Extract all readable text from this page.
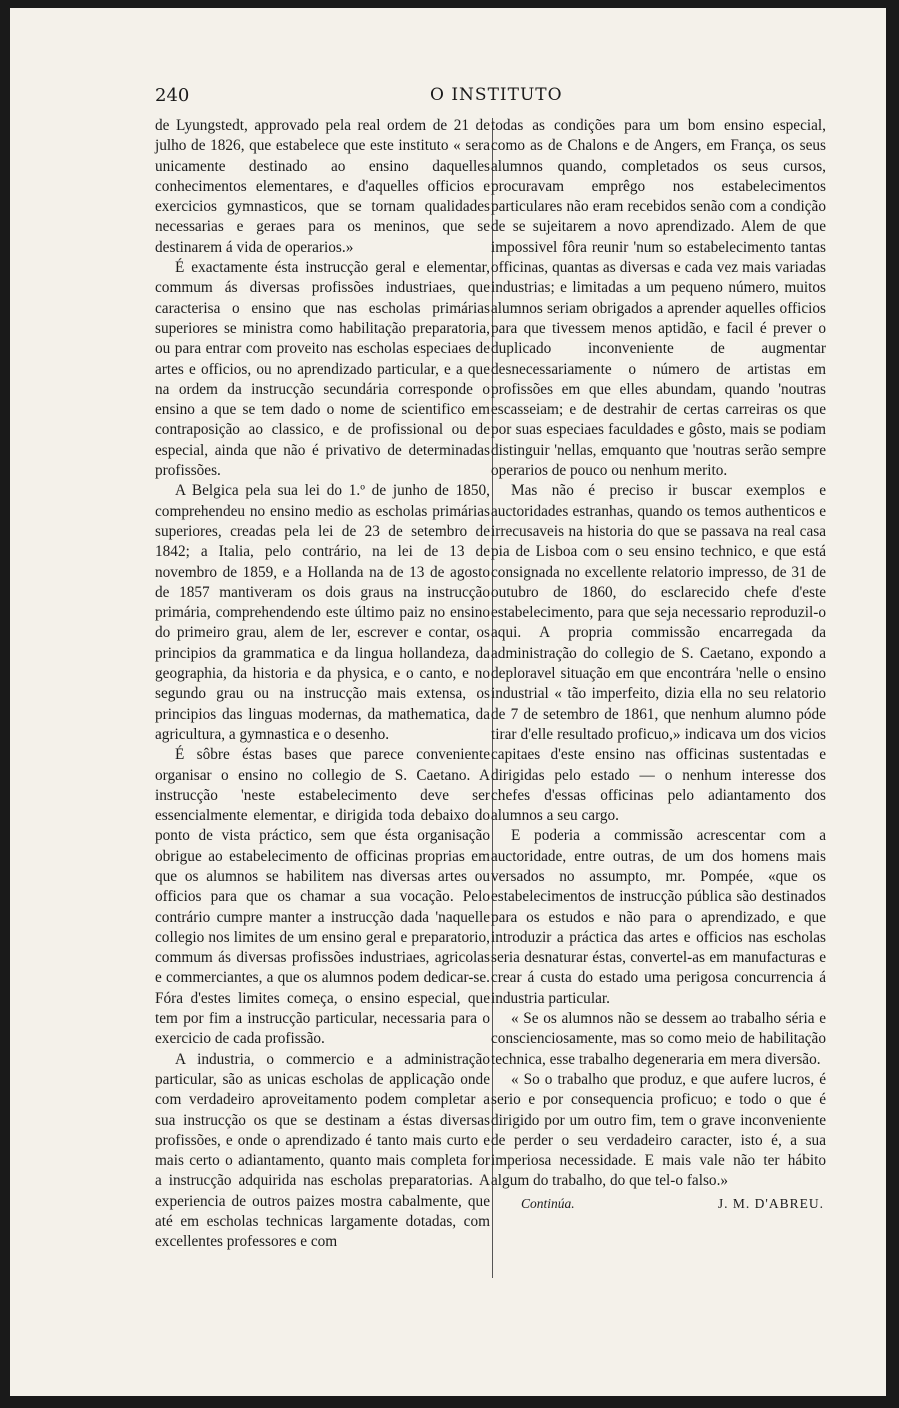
240	O INSTITUTO

de Lyungstedt, approvado pela real ordem de 21 de julho de 1826, que estabelece que este instituto « sera unicamente destinado ao ensino daquelles conhecimentos elementares, e d'aquelles officios e exercicios gymnasticos, que se tornam qualidades necessarias e geraes para os meninos, que se destinarem á vida de operarios.»

É exactamente ésta instrucção geral e elementar, commum ás diversas profissões industriaes, que caracterisa o ensino que nas escholas primárias superiores se ministra como habilitação preparatoria, ou para entrar com proveito nas escholas especiaes de artes e officios, ou no aprendizado particular, e a que na ordem da instrucção secundária corresponde o ensino a que se tem dado o nome de scientifico em contraposição ao classico, e de profissional ou de especial, ainda que não é privativo de determinadas profissões.

A Belgica pela sua lei do 1.º de junho de 1850, comprehendeu no ensino medio as escholas primárias superiores, creadas pela lei de 23 de setembro de 1842; a Italia, pelo contrário, na lei de 13 de novembro de 1859, e a Hollanda na de 13 de agosto de 1857 mantiveram os dois graus na instrucção primária, comprehendendo este último paiz no ensino do primeiro grau, alem de ler, escrever e contar, os principios da grammatica e da lingua hollandeza, da geographia, da historia e da physica, e o canto, e no segundo grau ou na instrucção mais extensa, os principios das linguas modernas, da mathematica, da agricultura, a gymnastica e o desenho.

É sôbre éstas bases que parece conveniente organisar o ensino no collegio de S. Caetano. A instrucção 'neste estabelecimento deve ser essencialmente elementar, e dirigida toda debaixo do ponto de vista práctico, sem que ésta organisação obrigue ao estabelecimento de officinas proprias em que os alumnos se habilitem nas diversas artes ou officios para que os chamar a sua vocação. Pelo contrário cumpre manter a instrucção dada 'naquelle collegio nos limites de um ensino geral e preparatorio, commum ás diversas profissões industriaes, agricolas e commerciantes, a que os alumnos podem dedicar-se. Fóra d'estes limites começa, o ensino especial, que tem por fim a instrucção particular, necessaria para o exercicio de cada profissão.

A industria, o commercio e a administração particular, são as unicas escholas de applicação onde com verdadeiro aproveitamento podem completar a sua instrucção os que se destinam a éstas diversas profissões, e onde o aprendizado é tanto mais curto e mais certo o adiantamento, quanto mais completa for a instrucção adquirida nas escholas preparatorias. A experiencia de outros paizes mostra cabalmente, que até em escholas technicas largamente dotadas, com excellentes professores e com

todas as condições para um bom ensino especial, como as de Chalons e de Angers, em França, os seus alumnos quando, completados os seus cursos, procuravam emprêgo nos estabelecimentos particulares não eram recebidos senão com a condição de se sujeitarem a novo aprendizado. Alem de que impossivel fôra reunir 'num so estabelecimento tantas officinas, quantas as diversas e cada vez mais variadas industrias; e limitadas a um pequeno número, muitos alumnos seriam obrigados a aprender aquelles officios para que tivessem menos aptidão, e facil é prever o duplicado inconveniente de augmentar desnecessariamente o número de artistas em profissões em que elles abundam, quando 'noutras escasseiam; e de destrahir de certas carreiras os que por suas especiaes faculdades e gôsto, mais se podiam distinguir 'nellas, emquanto que 'noutras serão sempre operarios de pouco ou nenhum merito.

Mas não é preciso ir buscar exemplos e auctoridades estranhas, quando os temos authenticos e irrecusaveis na historia do que se passava na real casa pia de Lisboa com o seu ensino technico, e que está consignada no excellente relatorio impresso, de 31 de outubro de 1860, do esclarecido chefe d'este estabelecimento, para que seja necessario reproduzil-o aqui. A propria commissão encarregada da administração do collegio de S. Caetano, expondo a deploravel situação em que encontrára 'nelle o ensino industrial « tão imperfeito, dizia ella no seu relatorio de 7 de setembro de 1861, que nenhum alumno póde tirar d'elle resultado proficuo,» indicava um dos vicios capitaes d'este ensino nas officinas sustentadas e dirigidas pelo estado — o nenhum interesse dos chefes d'essas officinas pelo adiantamento dos alumnos a seu cargo.

E poderia a commissão acrescentar com a auctoridade, entre outras, de um dos homens mais versados no assumpto, mr. Pompée, «que os estabelecimentos de instrucção pública são destinados para os estudos e não para o aprendizado, e que introduzir a práctica das artes e officios nas escholas seria desnaturar éstas, convertel-as em manufacturas e crear á custa do estado uma perigosa concurrencia á industria particular.

« Se os alumnos não se dessem ao trabalho séria e conscienciosamente, mas so como meio de habilitação technica, esse trabalho degeneraria em mera diversão.

« So o trabalho que produz, e que aufere lucros, é serio e por consequencia proficuo; e todo o que é dirigido por um outro fim, tem o grave inconveniente de perder o seu verdadeiro caracter, isto é, a sua imperiosa necessidade. E mais vale não ter hábito algum do trabalho, do que tel-o falso.»

Continúa.	J. M. D'ABREU.
